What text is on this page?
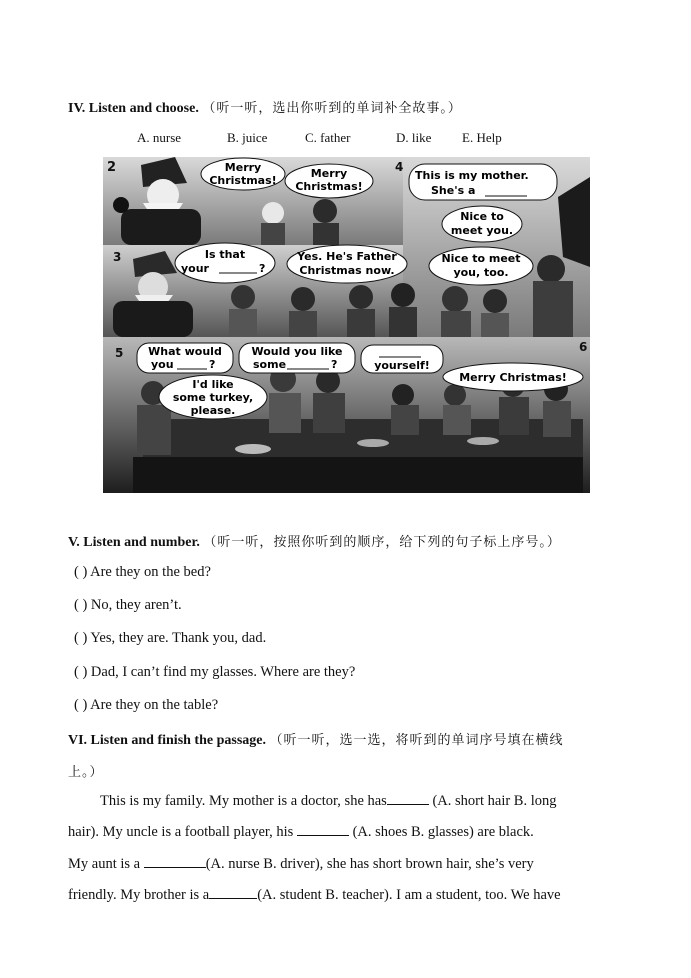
IV. Listen and choose. （听一听，选出你听到的单词补全故事。）
A. nurse	B. juice	C. father	D. like E. Help
2
3
4
5	6
Merry
Christmas!
Merry
Christmas!
This is my mother.
She's a
Nice to
meet you.
Is that
your	?
Yes. He's Father
Christmas now.
Nice to meet
you, too.
What would
you	?
Would you like
some	?	yourself!
Merry Christmas!
I'd like
some turkey,
please.
V. Listen and number. （听一听，按照你听到的顺序，给下列的句子标上序号。）
( ) Are they on the bed?
( ) No, they aren’t.
( ) Yes, they are. Thank you, dad.
( ) Dad, I can’t find my glasses. Where are they?
( ) Are they on the table?
VI. Listen and finish the passage. （听一听，选一选，将听到的单词序号填在横线
上。）
This is my family. My mother is a doctor, she has	(A. short hair B. long
hair). My uncle is a football player, his	(A. shoes B. glasses) are black.
My aunt is a	(A. nurse B. driver), she has short brown hair, she’s very
friendly. My brother is a	(A. student B. teacher). I am a student, too. We have
